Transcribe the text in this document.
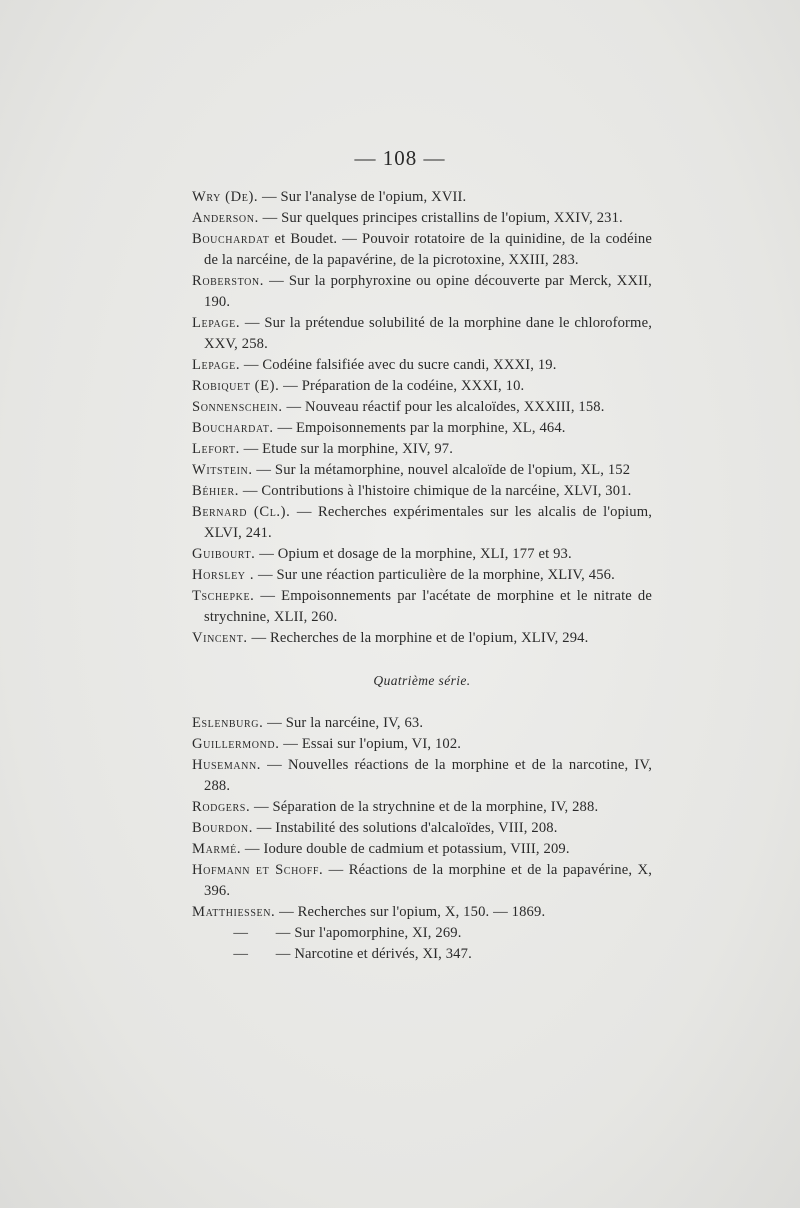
— 108 —
Wry (De). — Sur l'analyse de l'opium, XVII.
Anderson. — Sur quelques principes cristallins de l'opium, XXIV, 231.
Bouchardat et Boudet. — Pouvoir rotatoire de la quinidine, de la codéine de la narcéine, de la papavérine, de la picrotoxine, XXIII, 283.
Roberston. — Sur la porphyroxine ou opine découverte par Merck, XXII, 190.
Lepage. — Sur la prétendue solubilité de la morphine dane le chloroforme, XXV, 258.
Lepage. — Codéine falsifiée avec du sucre candi, XXXI, 19.
Robiquet (E). — Préparation de la codéine, XXXI, 10.
Sonnenschein. — Nouveau réactif pour les alcaloïdes, XXXIII, 158.
Bouchardat. — Empoisonnements par la morphine, XL, 464.
Lefort. — Etude sur la morphine, XIV, 97.
Witstein. — Sur la métamorphine, nouvel alcaloïde de l'opium, XL, 152
Béhier. — Contributions à l'histoire chimique de la narcéine, XLVI, 301.
Bernard (Cl.). — Recherches expérimentales sur les alcalis de l'opium, XLVI, 241.
Guibourt. — Opium et dosage de la morphine, XLI, 177 et 93.
Horsley . — Sur une réaction particulière de la morphine, XLIV, 456.
Tschepke. — Empoisonnements par l'acétate de morphine et le nitrate de strychnine, XLII, 260.
Vincent. — Recherches de la morphine et de l'opium, XLIV, 294.
Quatrième série.
Eslenburg. — Sur la narcéine, IV, 63.
Guillermond. — Essai sur l'opium, VI, 102.
Husemann. — Nouvelles réactions de la morphine et de la narcotine, IV, 288.
Rodgers. — Séparation de la strychnine et de la morphine, IV, 288.
Bourdon. — Instabilité des solutions d'alcaloïdes, VIII, 208.
Marmé. — Iodure double de cadmium et potassium, VIII, 209.
Hofmann et Schoff. — Réactions de la morphine et de la papavérine, X, 396.
Matthiessen. — Recherches sur l'opium, X, 150. — 1869.
— — Sur l'apomorphine, XI, 269.
— — Narcotine et dérivés, XI, 347.
